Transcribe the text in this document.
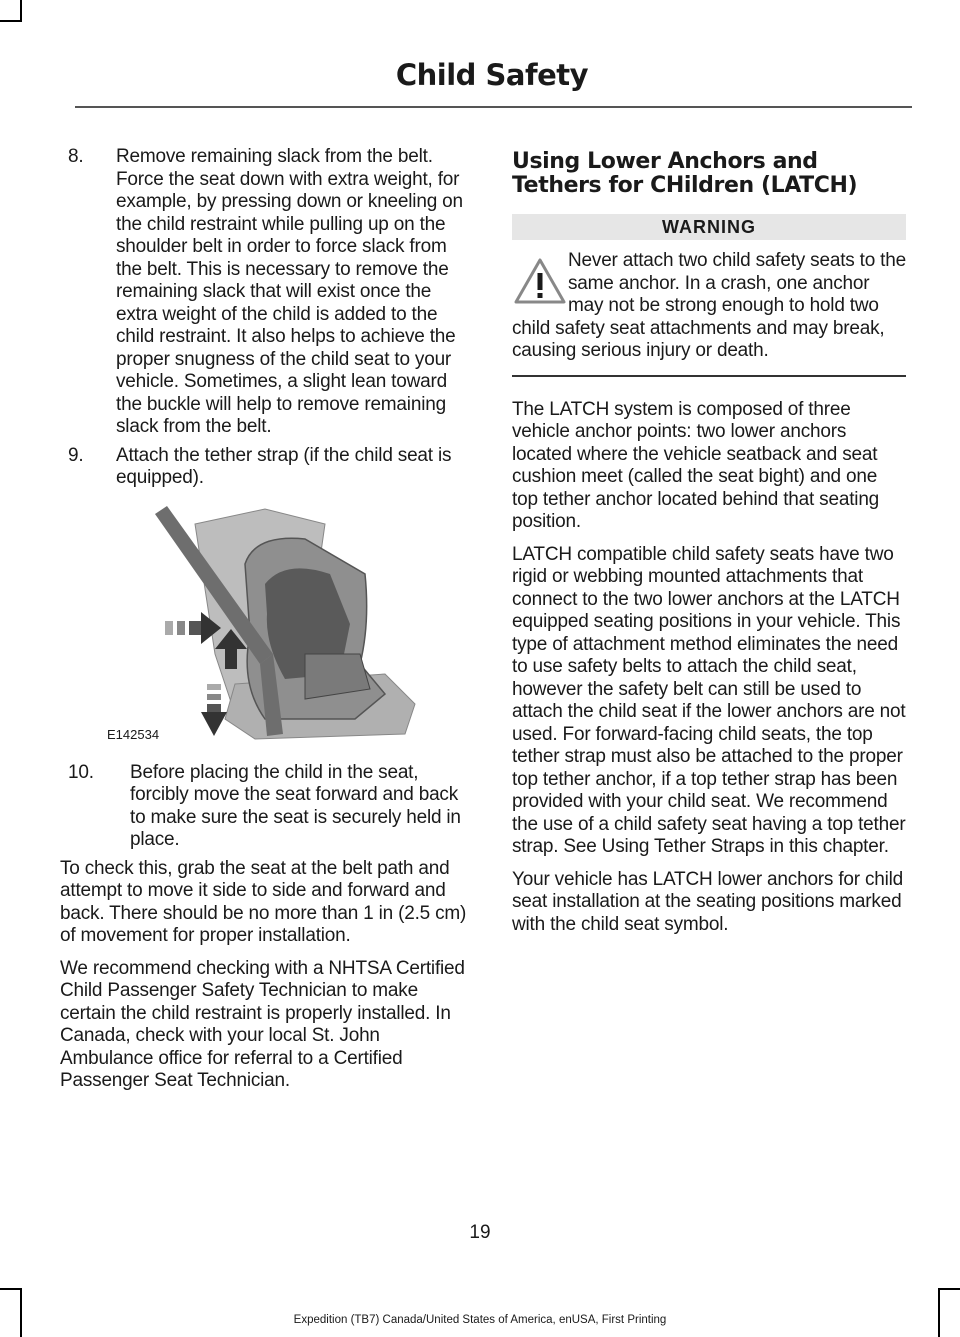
Child Safety
8. Remove remaining slack from the belt. Force the seat down with extra weight, for example, by pressing down or kneeling on the child restraint while pulling up on the shoulder belt in order to force slack from the belt. This is necessary to remove the remaining slack that will exist once the extra weight of the child is added to the child restraint. It also helps to achieve the proper snugness of the child seat to your vehicle. Sometimes, a slight lean toward the buckle will help to remove remaining slack from the belt.
9. Attach the tether strap (if the child seat is equipped).
E142534
10. Before placing the child in the seat, forcibly move the seat forward and back to make sure the seat is securely held in place.

To check this, grab the seat at the belt path and attempt to move it side to side and forward and back. There should be no more than 1 in (2.5 cm) of movement for proper installation.

We recommend checking with a NHTSA Certified Child Passenger Safety Technician to make certain the child restraint is properly installed. In Canada, check with your local St. John Ambulance office for referral to a Certified Passenger Seat Technician.

Using Lower Anchors and Tethers for CHildren (LATCH)
WARNING
Never attach two child safety seats to the same anchor. In a crash, one anchor may not be strong enough to hold two child safety seat attachments and may break, causing serious injury or death.

The LATCH system is composed of three vehicle anchor points: two lower anchors located where the vehicle seatback and seat cushion meet (called the seat bight) and one top tether anchor located behind that seating position.

LATCH compatible child safety seats have two rigid or webbing mounted attachments that connect to the two lower anchors at the LATCH equipped seating positions in your vehicle. This type of attachment method eliminates the need to use safety belts to attach the child seat, however the safety belt can still be used to attach the child seat if the lower anchors are not used. For forward-facing child seats, the top tether strap must also be attached to the proper top tether anchor, if a top tether strap has been provided with your child seat. We recommend the use of a child safety seat having a top tether strap. See Using Tether Straps in this chapter.

Your vehicle has LATCH lower anchors for child seat installation at the seating positions marked with the child seat symbol.

19
Expedition (TB7) Canada/United States of America, enUSA, First Printing
